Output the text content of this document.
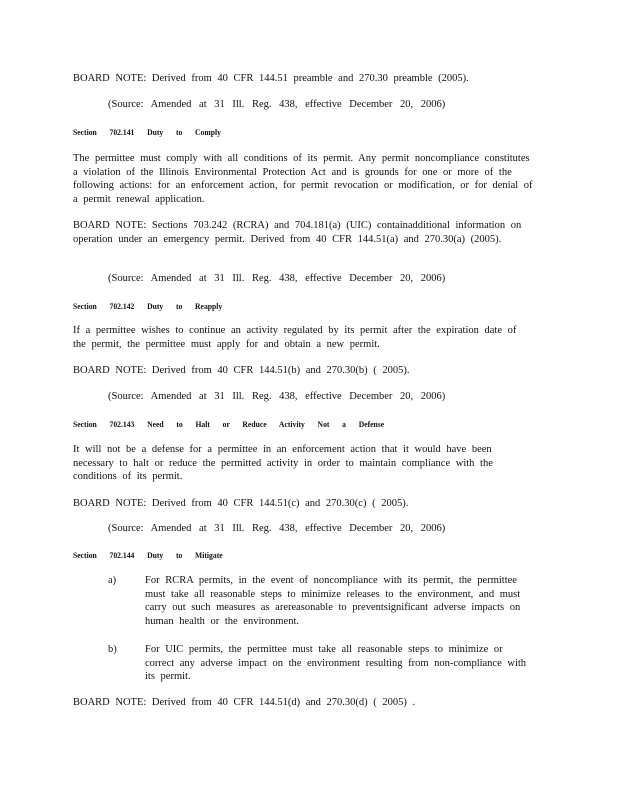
BOARD NOTE: Derived from 40 CFR 144.51 preamble and 270.30 preamble (2005).

(Source: Amended at 31 Ill. Reg. 438, effective December 20, 2006)

Section 702.141 Duty to Comply

The permittee must comply with all conditions of its permit. Any permit noncompliance constitutes a violation of the Illinois Environmental Protection Act and is grounds for one or more of the following actions: for an enforcement action, for permit revocation or modification, or for denial of a permit renewal application.

BOARD NOTE: Sections 703.242 (RCRA) and 704.181(a) (UIC) containadditional information on operation under an emergency permit. Derived from 40 CFR 144.51(a) and 270.30(a) (2005).

(Source: Amended at 31 Ill. Reg. 438, effective December 20, 2006)

Section 702.142 Duty to Reapply

If a permittee wishes to continue an activity regulated by its permit after the expiration date of the permit, the permittee must apply for and obtain a new permit.

BOARD NOTE: Derived from 40 CFR 144.51(b) and 270.30(b) ( 2005).

(Source: Amended at 31 Ill. Reg. 438, effective December 20, 2006)

Section 702.143 Need to Halt or Reduce Activity Not a Defense

It will not be a defense for a permittee in an enforcement action that it would have been necessary to halt or reduce the permitted activity in order to maintain compliance with the conditions of its permit.

BOARD NOTE: Derived from 40 CFR 144.51(c) and 270.30(c) ( 2005).

(Source: Amended at 31 Ill. Reg. 438, effective December 20, 2006)

Section 702.144 Duty to Mitigate

a)	For RCRA permits, in the event of noncompliance with its permit, the permittee must take all reasonable steps to minimize releases to the environment, and must carry out such measures as arereasonable to preventsignificant adverse impacts on human health or the environment.
b)	For UIC permits, the permittee must take all reasonable steps to minimize or correct any adverse impact on the environment resulting from non-compliance with its permit.

BOARD NOTE: Derived from 40 CFR 144.51(d) and 270.30(d) ( 2005) .
